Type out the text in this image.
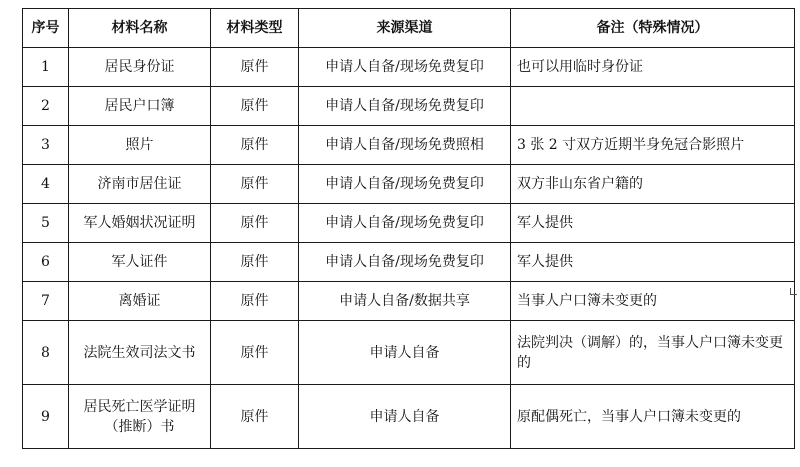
序号	材料名称	材料类型	来源渠道	备注（特殊情况）
1	居民身份证	原件	申请人自备/现场免费复印	也可以用临时身份证
2	居民户口簿	原件	申请人自备/现场免费复印	
3	照片	原件	申请人自备/现场免费照相	3 张 2 寸双方近期半身免冠合影照片
4	济南市居住证	原件	申请人自备/现场免费复印	双方非山东省户籍的
5	军人婚姻状况证明	原件	申请人自备/现场免费复印	军人提供
6	军人证件	原件	申请人自备/现场免费复印	军人提供
7	离婚证	原件	申请人自备/数据共享	当事人户口簿未变更的
8	法院生效司法文书	原件	申请人自备	法院判决（调解）的，当事人户口簿未变更的
9	居民死亡医学证明（推断）书	原件	申请人自备	原配偶死亡，当事人户口簿未变更的
